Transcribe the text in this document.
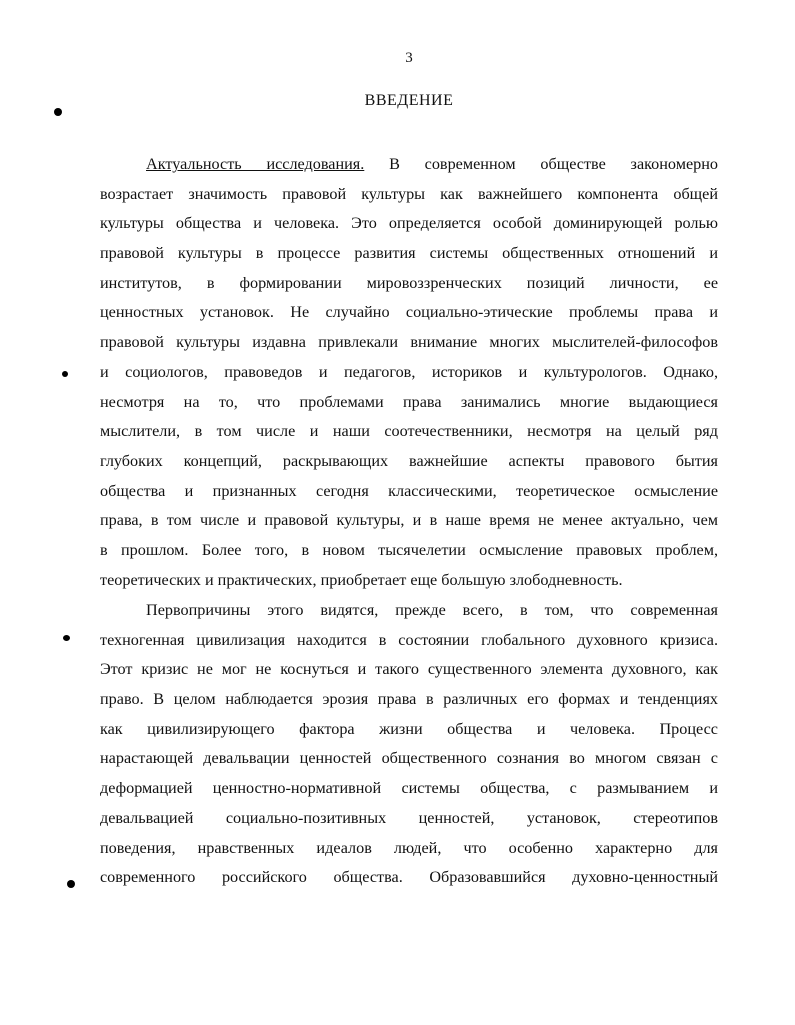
3
ВВЕДЕНИЕ
Актуальность исследования. В современном обществе закономерно
возрастает значимость правовой культуры как важнейшего компонента общей
культуры общества и человека. Это определяется особой доминирующей ролью
правовой культуры в процессе развития системы общественных отношений и
институтов, в формировании мировоззренческих позиций личности, ее
ценностных установок. Не случайно социально-этические проблемы права и
правовой культуры издавна привлекали внимание многих мыслителей-философов
и социологов, правоведов и педагогов, историков и культурологов. Однако,
несмотря на то, что проблемами права занимались многие выдающиеся
мыслители, в том числе и наши соотечественники, несмотря на целый ряд
глубоких концепций, раскрывающих важнейшие аспекты правового бытия
общества и признанных сегодня классическими, теоретическое осмысление
права, в том числе и правовой культуры, и в наше время не менее актуально, чем
в прошлом. Более того, в новом тысячелетии осмысление правовых проблем,
теоретических и практических, приобретает еще большую злободневность.
Первопричины этого видятся, прежде всего, в том, что современная
техногенная цивилизация находится в состоянии глобального духовного кризиса.
Этот кризис не мог не коснуться и такого существенного элемента духовного, как
право. В целом наблюдается эрозия права в различных его формах и тенденциях
как цивилизирующего фактора жизни общества и человека. Процесс
нарастающей девальвации ценностей общественного сознания во многом связан с
деформацией ценностно-нормативной системы общества, с размыванием и
девальвацией социально-позитивных ценностей, установок, стереотипов
поведения, нравственных идеалов людей, что особенно характерно для
современного российского общества. Образовавшийся духовно-ценностный
